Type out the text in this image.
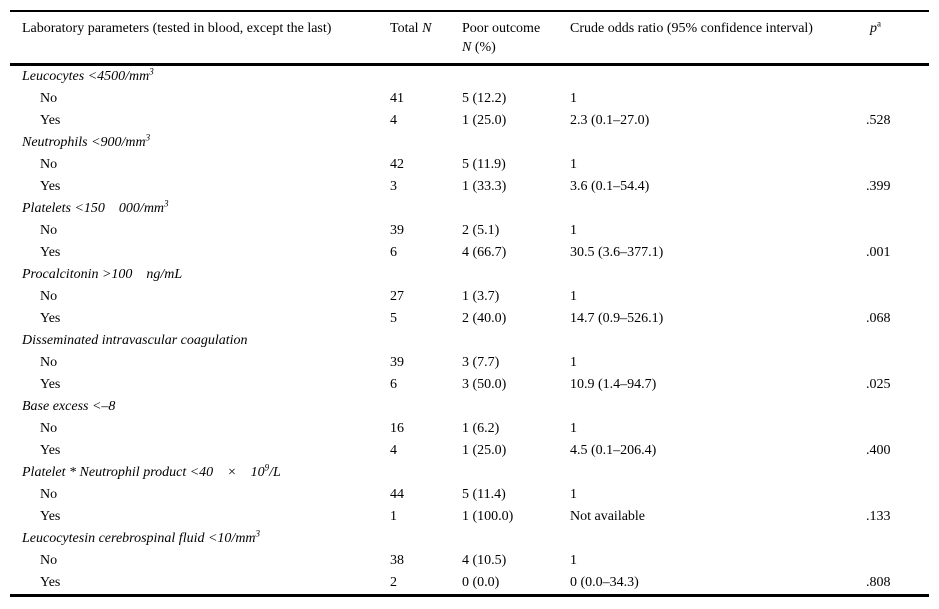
Laboratory parameters (tested in blood, except the last)	Total N	Poor outcome
N (%)	Crude odds ratio (95% confidence interval)	$p^a$
Leucocytes $<4500/mm^3$
No	41	5 (12.2)	1	
Yes	4	1 (25.0)	2.3 (0.1–27.0)	.528
Neutrophils $<900/mm^3$
No	42	5 (11.9)	1	
Yes	3	1 (33.3)	3.6 (0.1–54.4)	.399
Platelets <150 $000/mm^3$
No	39	2 (5.1)	1	
Yes	6	4 (66.7)	30.5 (3.6–377.1)	.001
Procalcitonin >100 ng/mL				
No	27	1 (3.7)	1	
Yes	5	2 (40.0)	14.7 (0.9–526.1)	.068
Disseminated intravascular coagulation				
No	39	3 (7.7)	1	
Yes	6	3 (50.0)	10.9 (1.4–94.7)	.025
Base excess <–8				
No	16	1 (6.2)	1	
Yes	4	1 (25.0)	4.5 (0.1–206.4)	.400
Platelet * Neutrophil product <40 × $10^9/L$				
No	44	5 (11.4)	1	
Yes	1	1 (100.0)	Not available	.133
Leucocytesin cerebrospinal fluid $<10/mm^3$
No	38	4 (10.5)	1	
Yes	2	0 (0.0)	0 (0.0–34.3)	.808
